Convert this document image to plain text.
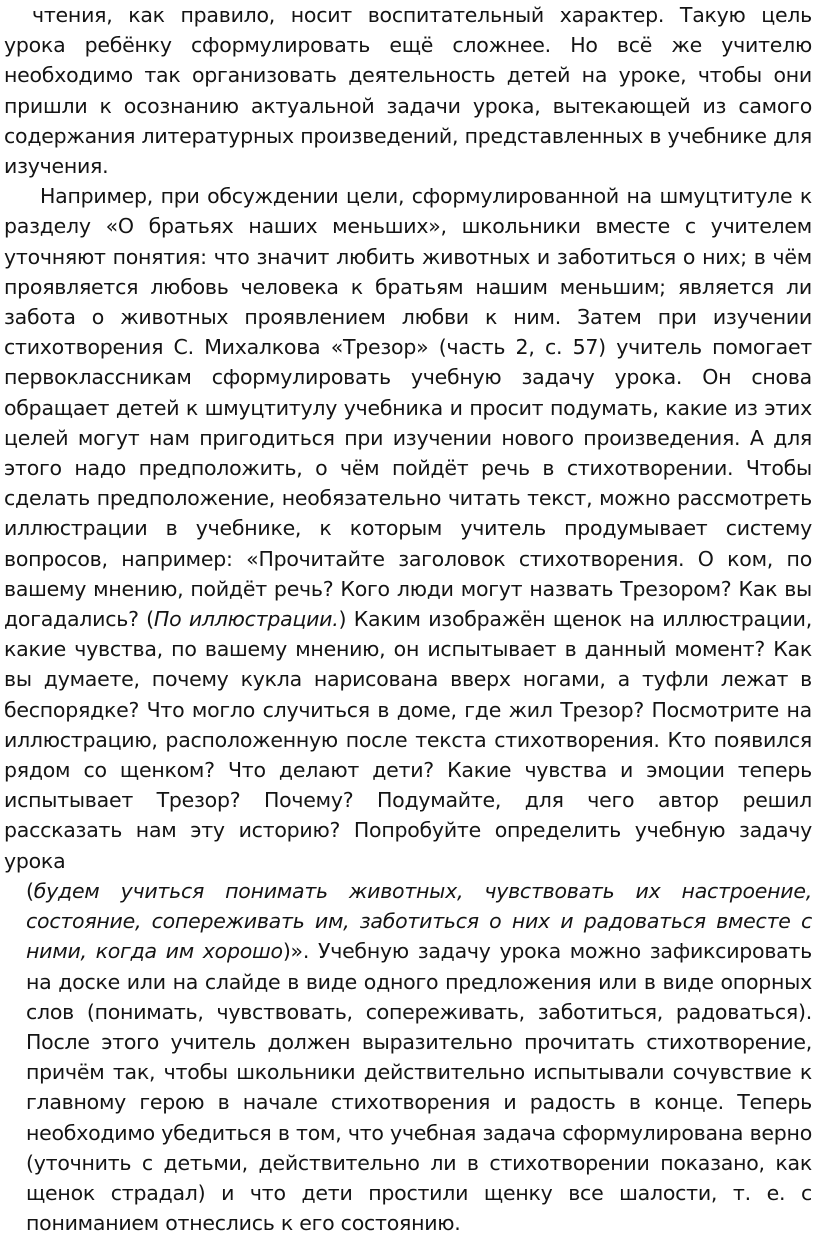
чтения, как правило, носит воспитательный характер. Такую цель урока ребёнку сформулировать ещё сложнее. Но всё же учителю необходимо так организовать деятельность детей на уроке, чтобы они пришли к осознанию актуальной задачи урока, вытекающей из самого содержания литературных произведений, представленных в учебнике для изучения.

Например, при обсуждении цели, сформулированной на шмуцтитуле к разделу «О братьях наших меньших», школьники вместе с учителем уточняют понятия: что значит любить животных и заботиться о них; в чём проявляется любовь человека к братьям нашим меньшим; является ли забота о животных проявлением любви к ним. Затем при изучении стихотворения С. Михалкова «Трезор» (часть 2, с. 57) учитель помогает первоклассникам сформулировать учебную задачу урока. Он снова обращает детей к шмуцтитулу учебника и просит подумать, какие из этих целей могут нам пригодиться при изучении нового произведения. А для этого надо предположить, о чём пойдёт речь в стихотворении. Чтобы сделать предположение, необязательно читать текст, можно рассмотреть иллюстрации в учебнике, к которым учитель продумывает систему вопросов, например: «Прочитайте заголовок стихотворения. О ком, по вашему мнению, пойдёт речь? Кого люди могут назвать Трезором? Как вы догадались? (По иллюстрации.) Каким изображён щенок на иллюстрации, какие чувства, по вашему мнению, он испытывает в данный момент? Как вы думаете, почему кукла нарисована вверх ногами, а туфли лежат в беспорядке? Что могло случиться в доме, где жил Трезор? Посмотрите на иллюстрацию, расположенную после текста стихотворения. Кто появился рядом со щенком? Что делают дети? Какие чувства и эмоции теперь испытывает Трезор? Почему? Подумайте, для чего автор решил рассказать нам эту историю? Попробуйте определить учебную задачу урока

(будем учиться понимать животных, чувствовать их настроение, состояние, сопереживать им, заботиться о них и радоваться вместе с ними, когда им хорошо)». Учебную задачу урока можно зафиксировать на доске или на слайде в виде одного предложения или в виде опорных слов (понимать, чувствовать, сопереживать, заботиться, радоваться). После этого учитель должен выразительно прочитать стихотворение, причём так, чтобы школьники действительно испытывали сочувствие к главному герою в начале стихотворения и радость в конце. Теперь необходимо убедиться в том, что учебная задача сформулирована верно (уточнить с детьми, действительно ли в стихотворении показано, как щенок страдал) и что дети простили щенку все шалости, т. е. с пониманием отнеслись к его состоянию.
